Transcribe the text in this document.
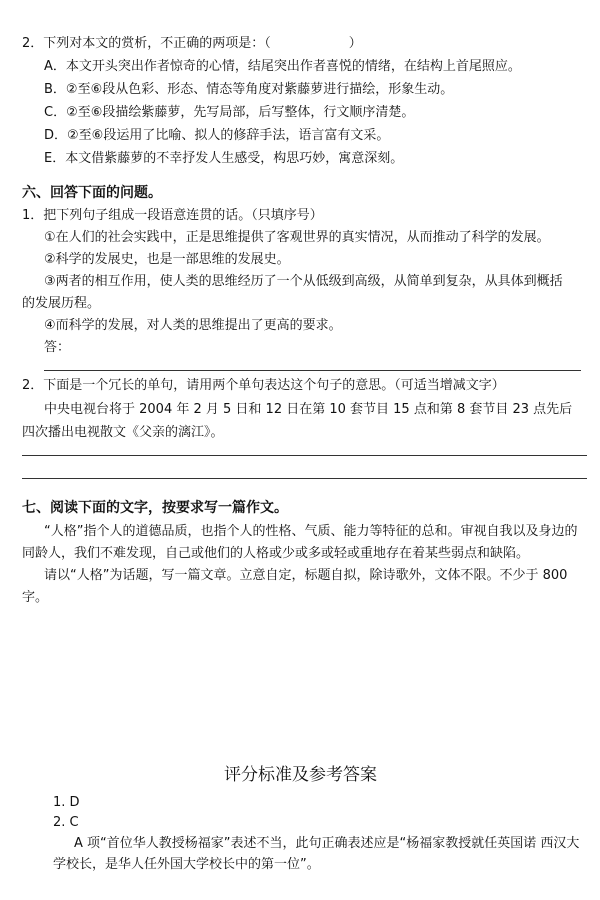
2．下列对本文的赏析，不正确的两项是：（　　　　　　）
A．本文开头突出作者惊奇的心情，结尾突出作者喜悦的情绪，在结构上首尾照应。
B．②至⑥段从色彩、形态、情态等角度对紫藤萝进行描绘，形象生动。
C．②至⑥段描绘紫藤萝，先写局部，后写整体，行文顺序清楚。
D．②至⑥段运用了比喻、拟人的修辞手法，语言富有文采。
E．本文借紫藤萝的不幸抒发人生感受，构思巧妙，寓意深刻。
六、回答下面的问题。
1．把下列句子组成一段语意连贯的话。（只填序号）
①在人们的社会实践中，正是思维提供了客观世界的真实情况，从而推动了科学的发展。
②科学的发展史，也是一部思维的发展史。
③两者的相互作用，使人类的思维经历了一个从低级到高级，从简单到复杂，从具体到概括
的发展历程。
④而科学的发展，对人类的思维提出了更高的要求。
答：
2．下面是一个冗长的单句，请用两个单句表达这个句子的意思。（可适当增减文字）
中央电视台将于 2004 年 2 月 5 日和 12 日在第 10 套节目 15 点和第 8 套节目 23 点先后
四次播出电视散文《父亲的漓江》。
七、阅读下面的文字，按要求写一篇作文。
“人格”指个人的道德品质，也指个人的性格、气质、能力等特征的总和。审视自我以及身边的
同龄人，我们不难发现，自己或他们的人格或少或多或轻或重地存在着某些弱点和缺陷。
请以“人格”为话题，写一篇文章。立意自定，标题自拟，除诗歌外，文体不限。不少于 800
字。
评分标准及参考答案
1. D
2. C
A 项“首位华人教授杨福家”表述不当，此句正确表述应是“杨福家教授就任英国诺 西汉大
学校长，是华人任外国大学校长中的第一位”。
